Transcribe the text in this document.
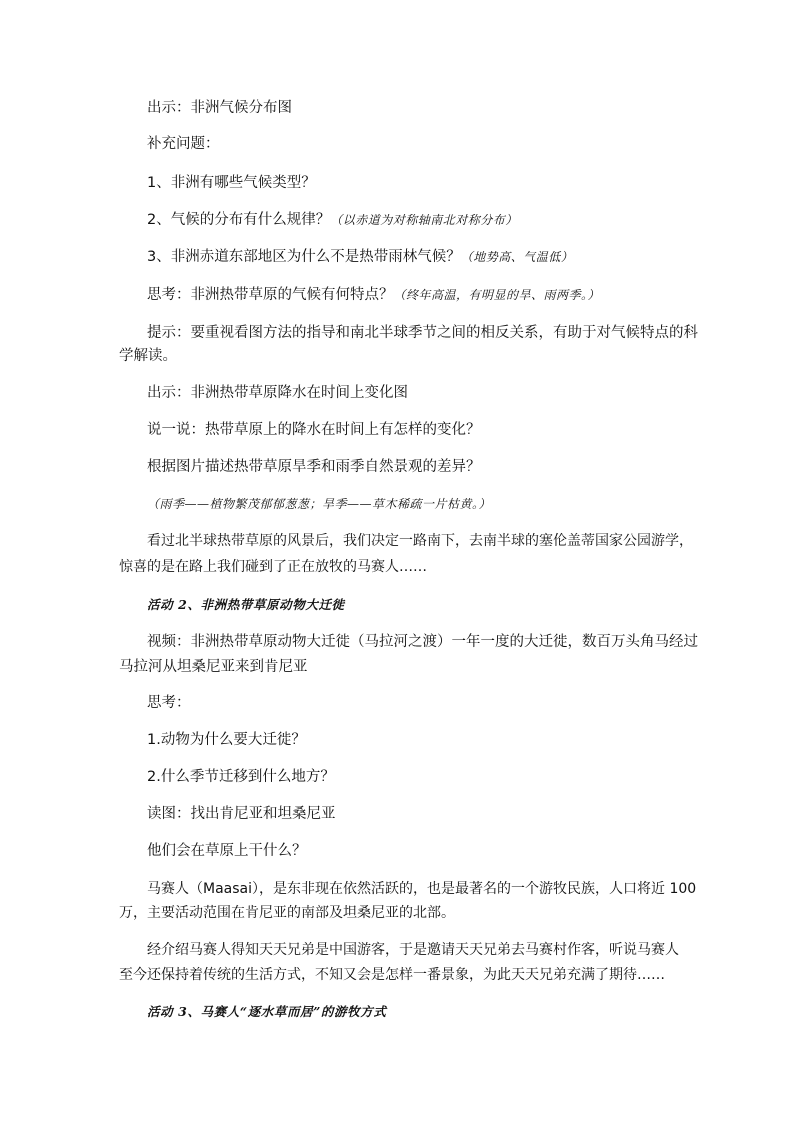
出示：非洲气候分布图
补充问题：
1、非洲有哪些气候类型？
2、气候的分布有什么规律？（以赤道为对称轴南北对称分布）
3、非洲赤道东部地区为什么不是热带雨林气候？（地势高、气温低）
思考：非洲热带草原的气候有何特点？（终年高温，有明显的旱、雨两季。）
提示：要重视看图方法的指导和南北半球季节之间的相反关系，有助于对气候特点的科
学解读。
出示：非洲热带草原降水在时间上变化图
说一说：热带草原上的降水在时间上有怎样的变化？
根据图片描述热带草原旱季和雨季自然景观的差异？
（雨季——植物繁茂郁郁葱葱；旱季——草木稀疏一片枯黄。）
看过北半球热带草原的风景后，我们决定一路南下，去南半球的塞伦盖蒂国家公园游学，
惊喜的是在路上我们碰到了正在放牧的马赛人……
活动 2、非洲热带草原动物大迁徙
视频：非洲热带草原动物大迁徙（马拉河之渡）一年一度的大迁徙，数百万头角马经过
马拉河从坦桑尼亚来到肯尼亚
思考：
1.动物为什么要大迁徙？
2.什么季节迁移到什么地方？
读图：找出肯尼亚和坦桑尼亚
他们会在草原上干什么？
马赛人（Maasai），是东非现在依然活跃的，也是最著名的一个游牧民族，人口将近 100
万，主要活动范围在肯尼亚的南部及坦桑尼亚的北部。
经介绍马赛人得知天天兄弟是中国游客，于是邀请天天兄弟去马赛村作客，听说马赛人
至今还保持着传统的生活方式，不知又会是怎样一番景象，为此天天兄弟充满了期待……
活动 3、马赛人“逐水草而居”的游牧方式
